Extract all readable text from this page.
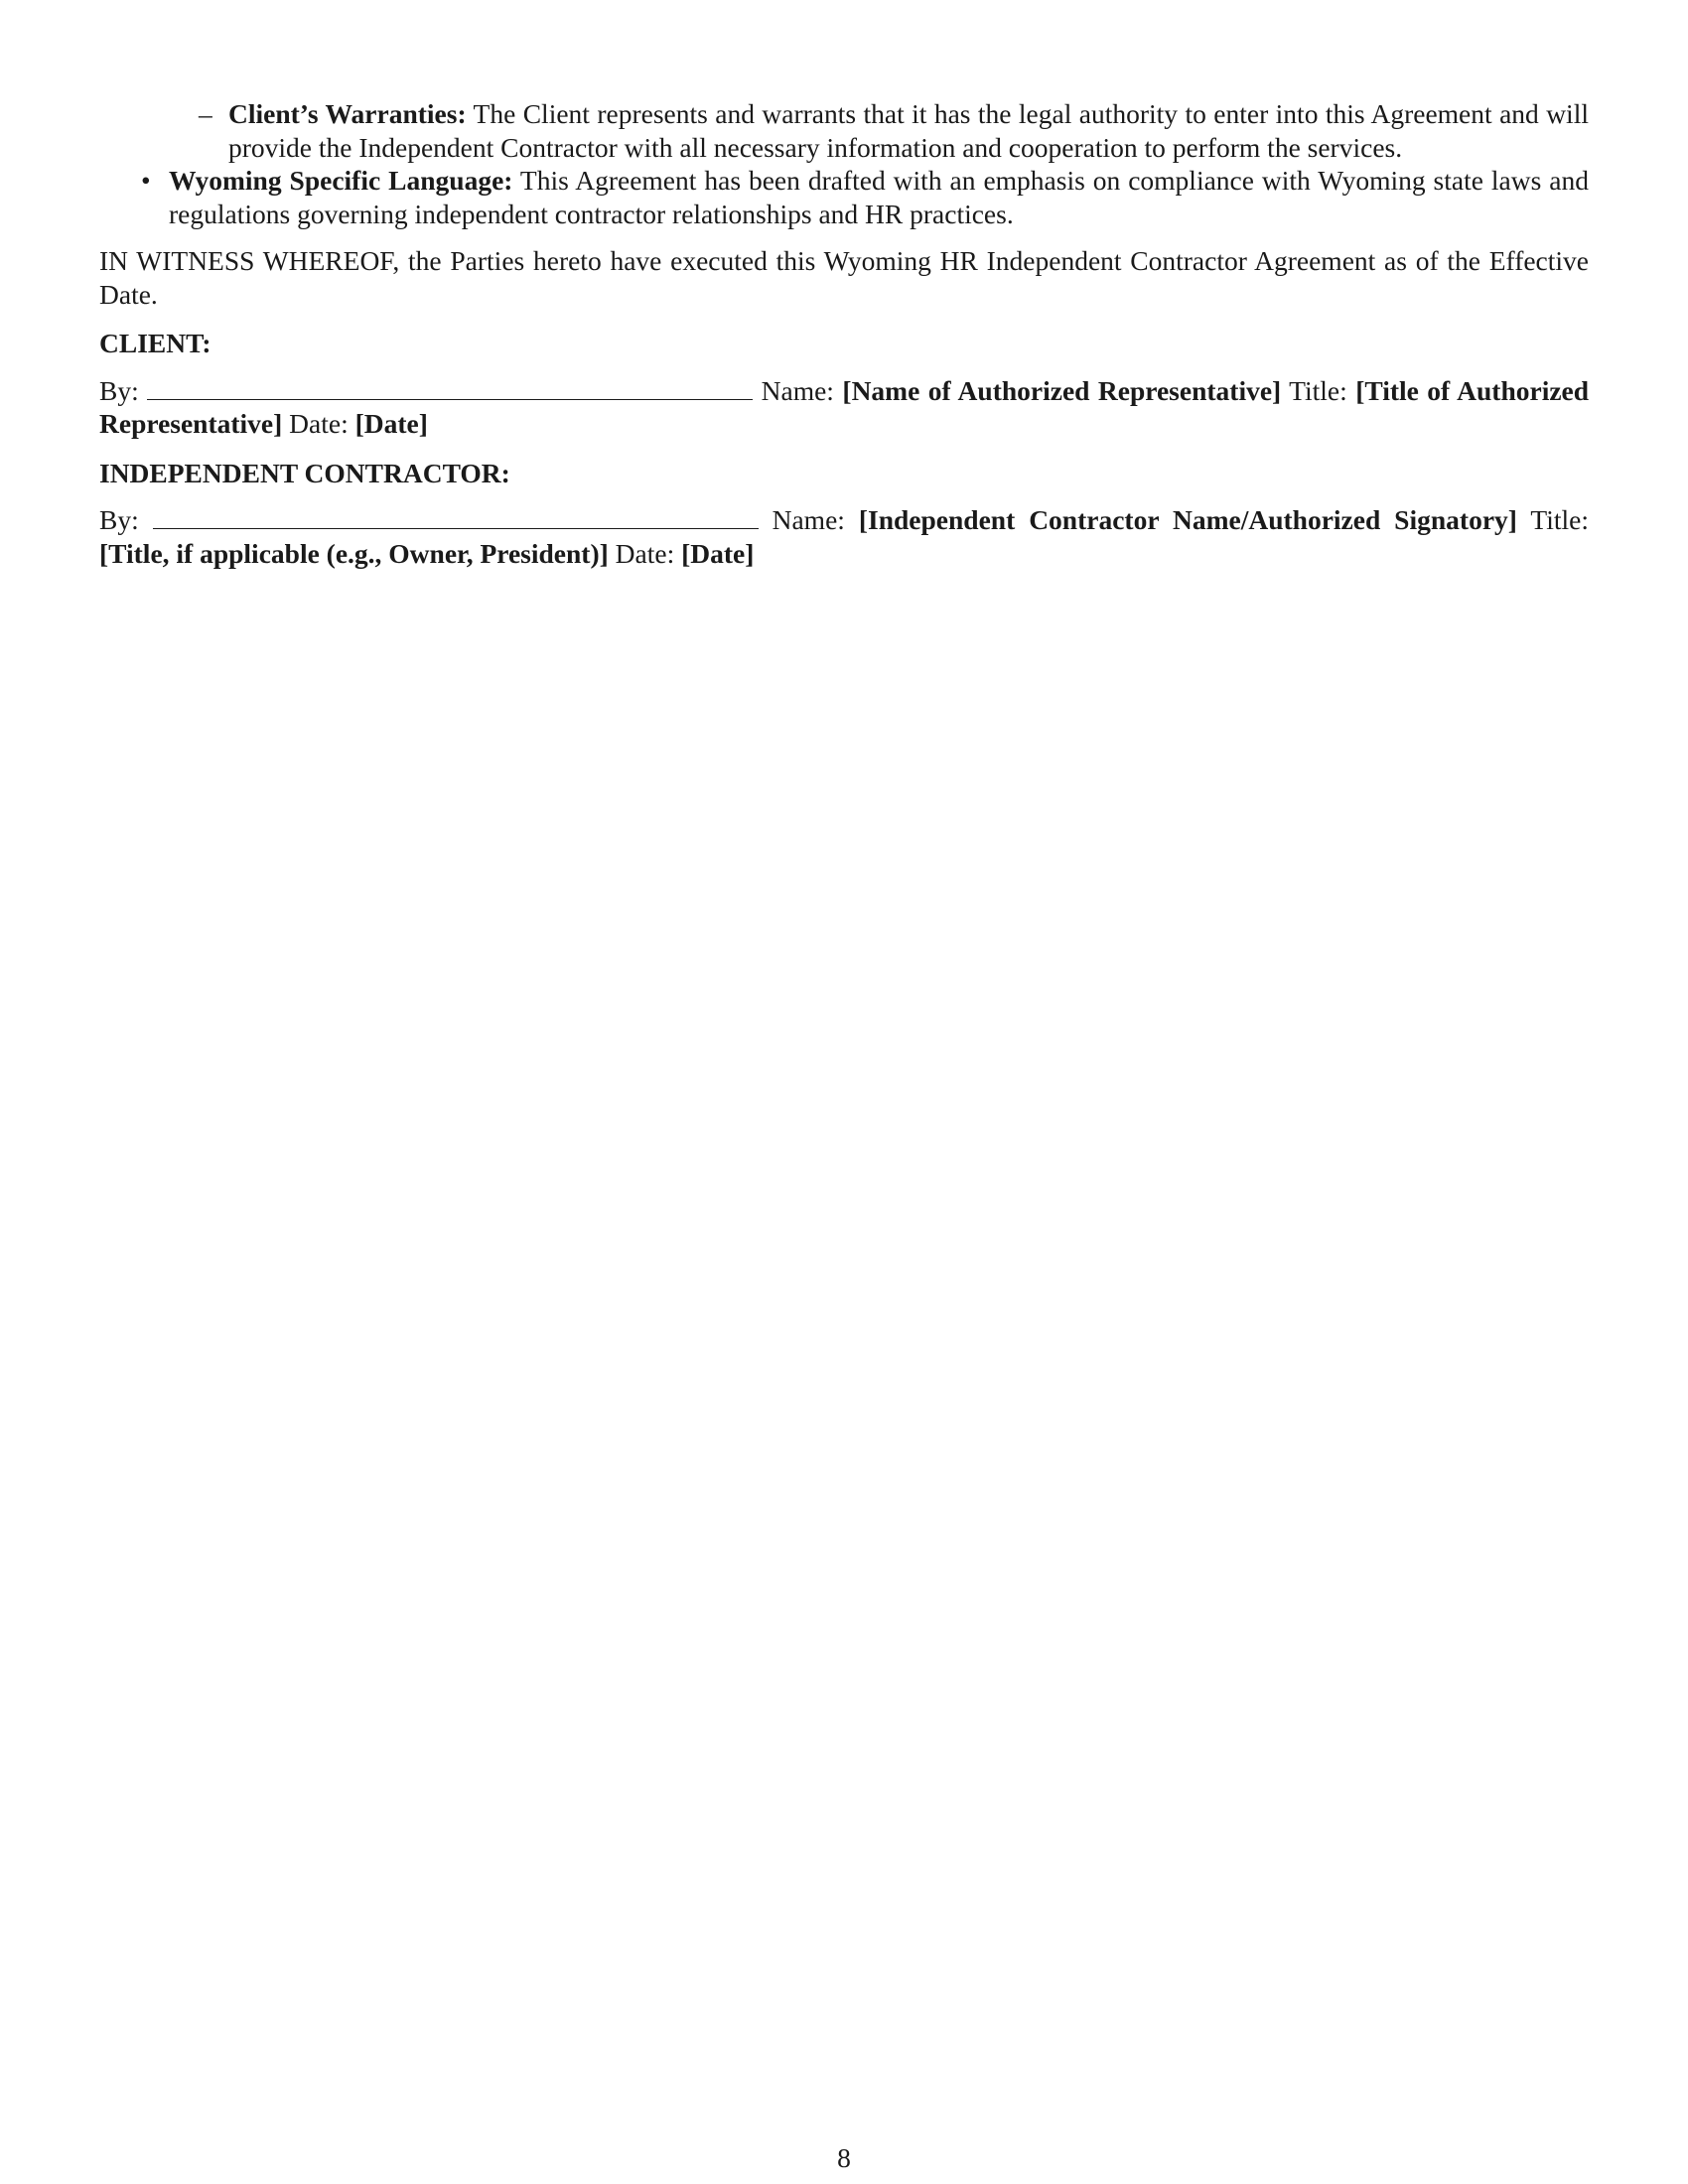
– Client’s Warranties: The Client represents and warrants that it has the legal authority to enter into this Agreement and will provide the Independent Contractor with all necessary information and cooperation to perform the services.
• Wyoming Specific Language: This Agreement has been drafted with an emphasis on compliance with Wyoming state laws and regulations governing independent contractor relationships and HR practices.
IN WITNESS WHEREOF, the Parties hereto have executed this Wyoming HR Independent Contractor Agreement as of the Effective Date.
CLIENT:
By:	Name: [Name of Authorized Representative] Title: [Title of Authorized Representative] Date: [Date]
INDEPENDENT CONTRACTOR:
By:	Name: [Independent Contractor Name/Authorized Signatory] Title: [Title, if applicable (e.g., Owner, President)] Date: [Date]
8
